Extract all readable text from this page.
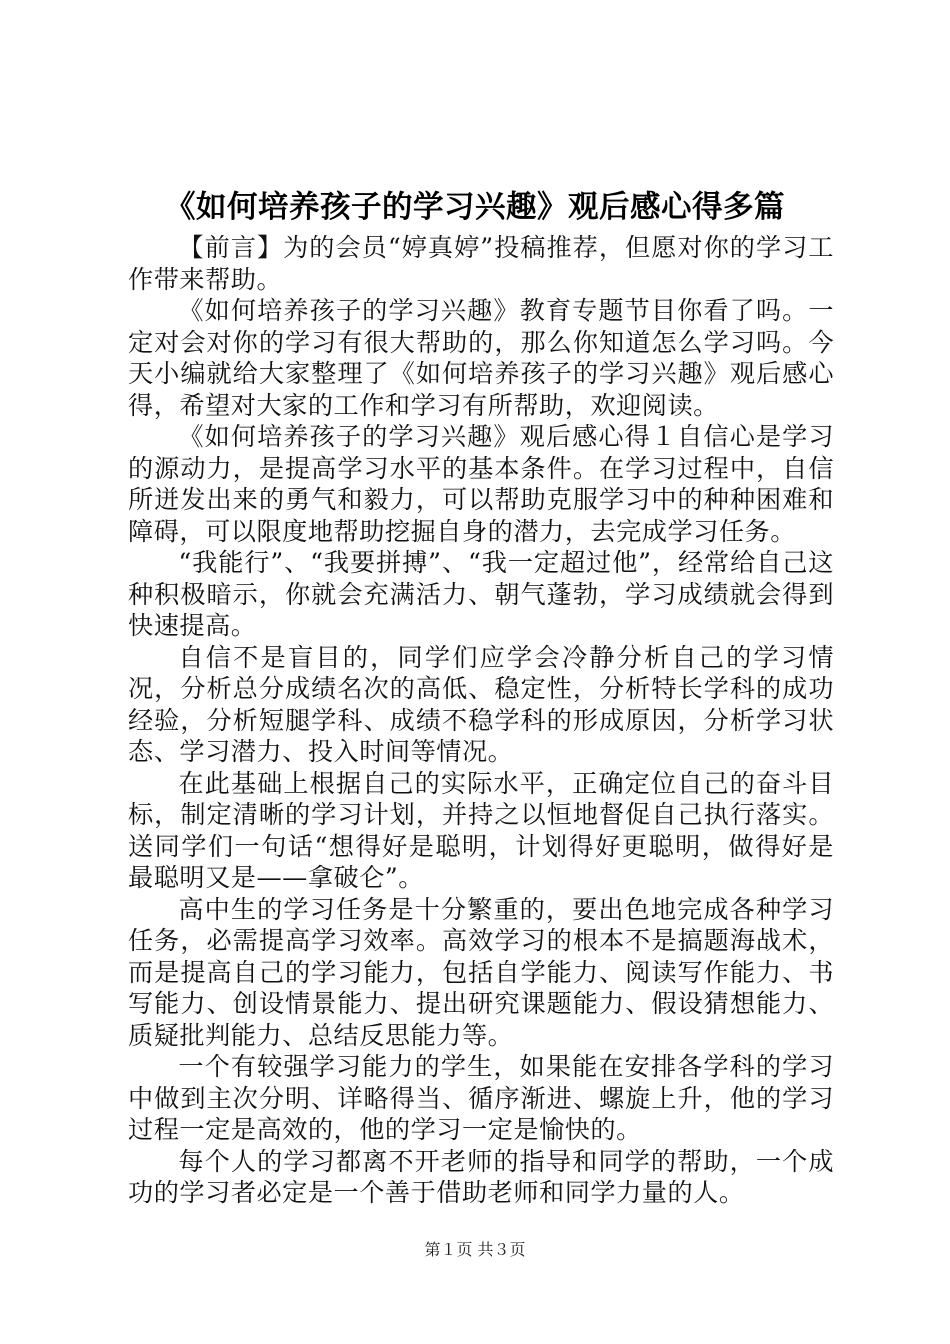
《如何培养孩子的学习兴趣》观后感心得多篇

【前言】为的会员“婷真婷”投稿推荐，但愿对你的学习工作带来帮助。

《如何培养孩子的学习兴趣》教育专题节目你看了吗。一定对会对你的学习有很大帮助的，那么你知道怎么学习吗。今天小编就给大家整理了《如何培养孩子的学习兴趣》观后感心得，希望对大家的工作和学习有所帮助，欢迎阅读。

《如何培养孩子的学习兴趣》观后感心得１自信心是学习的源动力，是提高学习水平的基本条件。在学习过程中，自信所迸发出来的勇气和毅力，可以帮助克服学习中的种种困难和障碍，可以限度地帮助挖掘自身的潜力，去完成学习任务。

“我能行”、“我要拼搏”、“我一定超过他”，经常给自己这种积极暗示，你就会充满活力、朝气蓬勃，学习成绩就会得到快速提高。

自信不是盲目的，同学们应学会冷静分析自己的学习情况，分析总分成绩名次的高低、稳定性，分析特长学科的成功经验，分析短腿学科、成绩不稳学科的形成原因，分析学习状态、学习潜力、投入时间等情况。

在此基础上根据自己的实际水平，正确定位自己的奋斗目标，制定清晰的学习计划，并持之以恒地督促自己执行落实。送同学们一句话“想得好是聪明，计划得好更聪明，做得好是最聪明又是——拿破仑”。

高中生的学习任务是十分繁重的，要出色地完成各种学习任务，必需提高学习效率。高效学习的根本不是搞题海战术，而是提高自己的学习能力，包括自学能力、阅读写作能力、书写能力、创设情景能力、提出研究课题能力、假设猜想能力、质疑批判能力、总结反思能力等。

一个有较强学习能力的学生，如果能在安排各学科的学习中做到主次分明、详略得当、循序渐进、螺旋上升，他的学习过程一定是高效的，他的学习一定是愉快的。

每个人的学习都离不开老师的指导和同学的帮助，一个成功的学习者必定是一个善于借助老师和同学力量的人。

第１页 共３页
